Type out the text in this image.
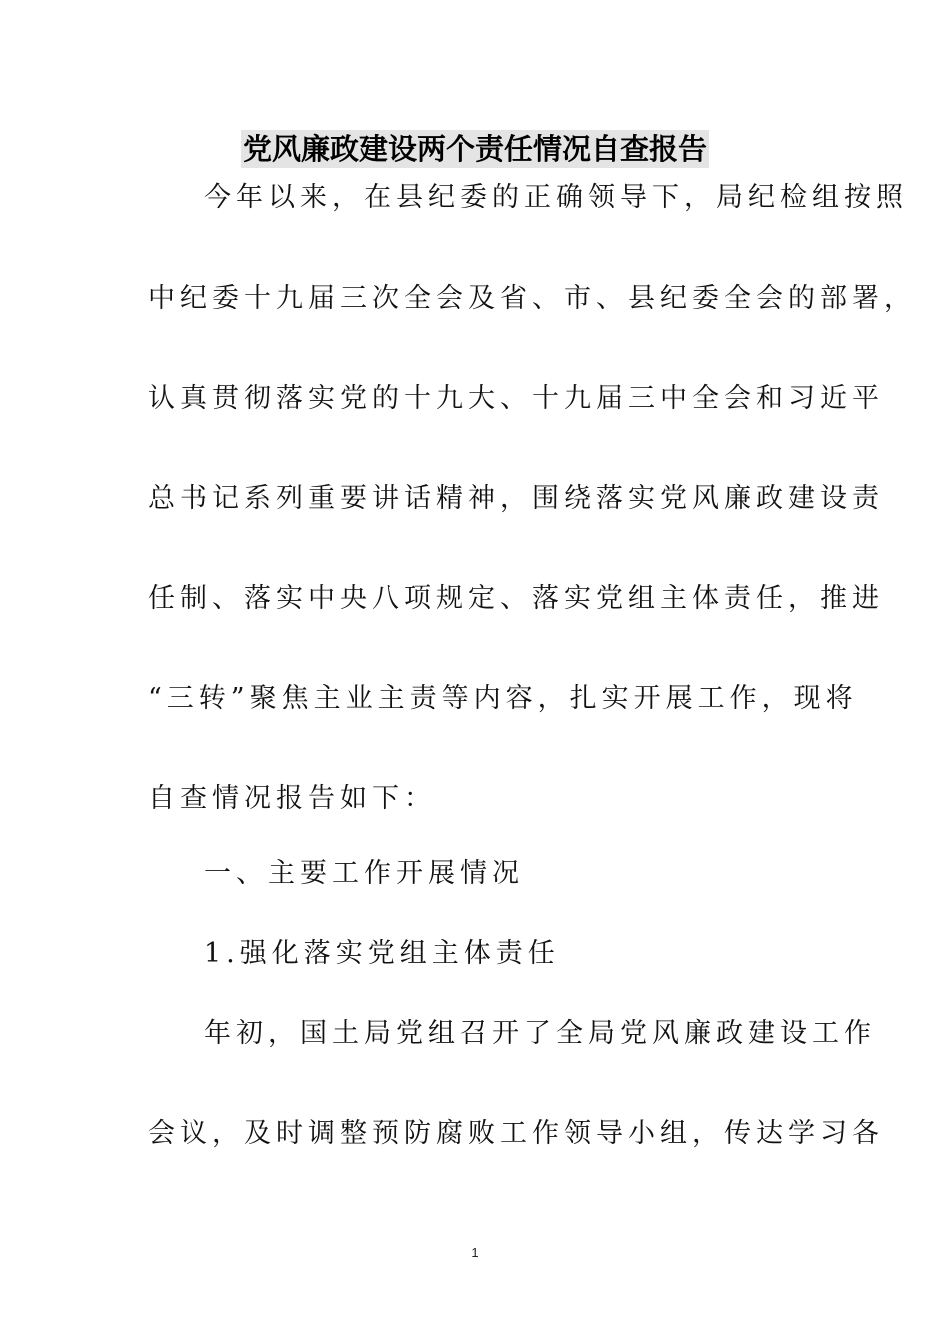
党风廉政建设两个责任情况自查报告
今年以来，在县纪委的正确领导下，局纪检组按照
中纪委十九届三次全会及省、市、县纪委全会的部署，
认真贯彻落实党的十九大、十九届三中全会和习近平
总书记系列重要讲话精神，围绕落实党风廉政建设责
任制、落实中央八项规定、落实党组主体责任，推进
“三转”聚焦主业主责等内容，扎实开展工作，现将
自查情况报告如下：
一、主要工作开展情况
1.强化落实党组主体责任
年初，国土局党组召开了全局党风廉政建设工作
会议，及时调整预防腐败工作领导小组，传达学习各
1
